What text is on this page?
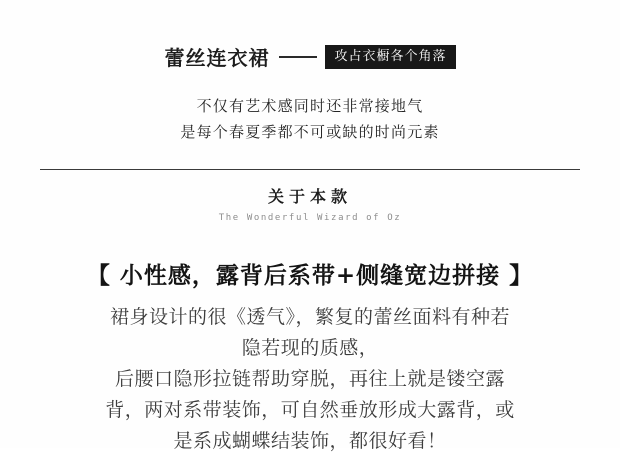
蕾丝连衣裙	攻占衣橱各个角落
不仅有艺术感同时还非常接地气
是每个春夏季都不可或缺的时尚元素
关于本款
The Wonderful Wizard of Oz
【 小性感，露背后系带+侧缝宽边拼接 】
裙身设计的很《透气》，繁复的蕾丝面料有种若
隐若现的质感，
后腰口隐形拉链帮助穿脱，再往上就是镂空露
背，两对系带装饰，可自然垂放形成大露背，或
是系成蝴蝶结装饰，都很好看！
